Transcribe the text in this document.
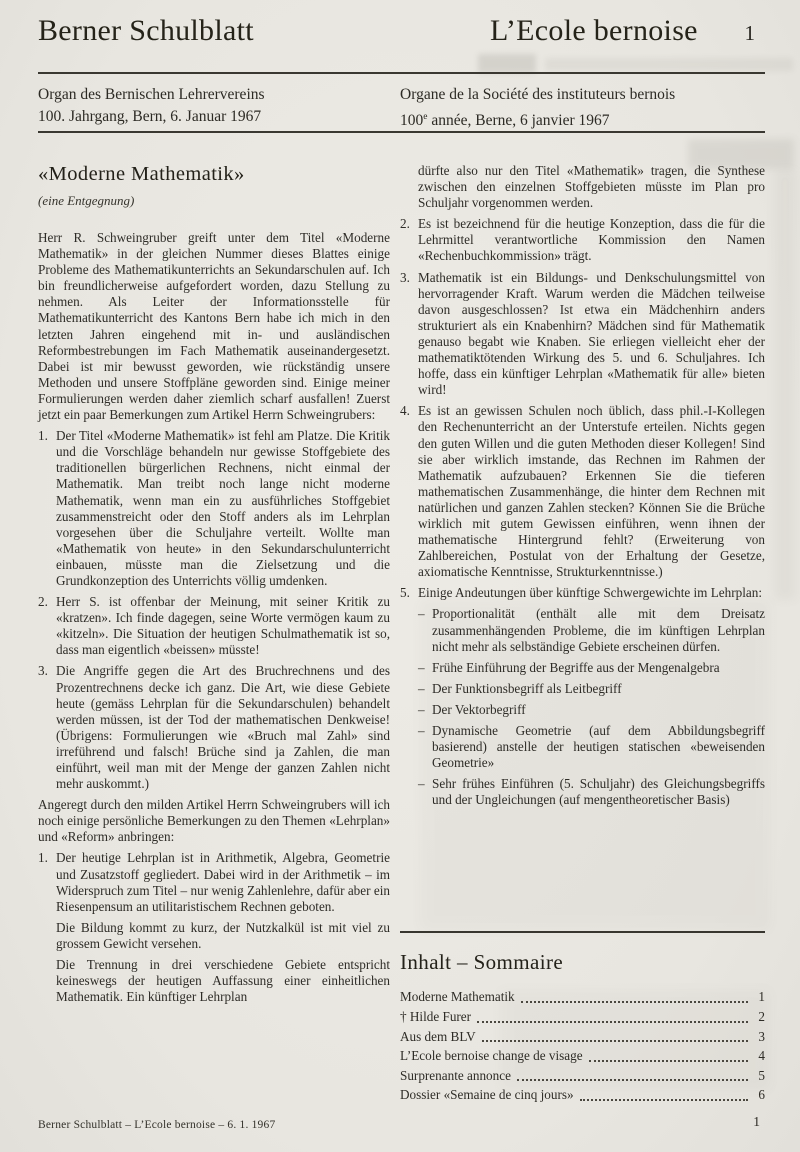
Berner Schulblatt	L’Ecole bernoise 1
Organ des Bernischen Lehrervereins
100. Jahrgang, Bern, 6. Januar 1967
Organe de la Société des instituteurs bernois
100e année, Berne, 6 janvier 1967
«Moderne Mathematik»
(eine Entgegnung)

Herr R. Schweingruber greift unter dem Titel «Moderne Mathematik» in der gleichen Nummer dieses Blattes einige Probleme des Mathematikunterrichts an Sekundarschulen auf. Ich bin freundlicherweise aufgefordert worden, dazu Stellung zu nehmen. Als Leiter der Informationsstelle für Mathematikunterricht des Kantons Bern habe ich mich in den letzten Jahren eingehend mit in- und ausländischen Reformbestrebungen im Fach Mathematik auseinandergesetzt. Dabei ist mir bewusst geworden, wie rückständig unsere Methoden und unsere Stoffpläne geworden sind. Einige meiner Formulierungen werden daher ziemlich scharf ausfallen! Zuerst jetzt ein paar Bemerkungen zum Artikel Herrn Schweingrubers:

1. Der Titel «Moderne Mathematik» ist fehl am Platze. Die Kritik und die Vorschläge behandeln nur gewisse Stoffgebiete des traditionellen bürgerlichen Rechnens, nicht einmal der Mathematik. Man treibt noch lange nicht moderne Mathematik, wenn man ein zu ausführliches Stoffgebiet zusammenstreicht oder den Stoff anders als im Lehrplan vorgesehen über die Schuljahre verteilt. Wollte man «Mathematik von heute» in den Sekundarschulunterricht einbauen, müsste man die Zielsetzung und die Grundkonzeption des Unterrichts völlig umdenken.
2. Herr S. ist offenbar der Meinung, mit seiner Kritik zu «kratzen». Ich finde dagegen, seine Worte vermögen kaum zu «kitzeln». Die Situation der heutigen Schulmathematik ist so, dass man eigentlich «beissen» müsste!
3. Die Angriffe gegen die Art des Bruchrechnens und des Prozentrechnens decke ich ganz. Die Art, wie diese Gebiete heute (gemäss Lehrplan für die Sekundarschulen) behandelt werden müssen, ist der Tod der mathematischen Denkweise! (Übrigens: Formulierungen wie «Bruch mal Zahl» sind irreführend und falsch! Brüche sind ja Zahlen, die man einführt, weil man mit der Menge der ganzen Zahlen nicht mehr auskommt.)

Angeregt durch den milden Artikel Herrn Schweingrubers will ich noch einige persönliche Bemerkungen zu den Themen «Lehrplan» und «Reform» anbringen:

1. Der heutige Lehrplan ist in Arithmetik, Algebra, Geometrie und Zusatzstoff gegliedert. Dabei wird in der Arithmetik – im Widerspruch zum Titel – nur wenig Zahlenlehre, dafür aber ein Riesenpensum an utilitaristischem Rechnen geboten.

Die Bildung kommt zu kurz, der Nutzkalkül ist mit viel zu grossem Gewicht versehen.

Die Trennung in drei verschiedene Gebiete entspricht keineswegs der heutigen Auffassung einer einheitlichen Mathematik. Ein künftiger Lehrplan

dürfte also nur den Titel «Mathematik» tragen, die Synthese zwischen den einzelnen Stoffgebieten müsste im Plan pro Schuljahr vorgenommen werden.

2. Es ist bezeichnend für die heutige Konzeption, dass die für die Lehrmittel verantwortliche Kommission den Namen «Rechenbuchkommission» trägt.
3. Mathematik ist ein Bildungs- und Denkschulungsmittel von hervorragender Kraft. Warum werden die Mädchen teilweise davon ausgeschlossen? Ist etwa ein Mädchenhirn anders strukturiert als ein Knabenhirn? Mädchen sind für Mathematik genauso begabt wie Knaben. Sie erliegen vielleicht eher der mathematiktötenden Wirkung des 5. und 6. Schuljahres. Ich hoffe, dass ein künftiger Lehrplan «Mathematik für alle» bieten wird!
4. Es ist an gewissen Schulen noch üblich, dass phil.-I-Kollegen den Rechenunterricht an der Unterstufe erteilen. Nichts gegen den guten Willen und die guten Methoden dieser Kollegen! Sind sie aber wirklich imstande, das Rechnen im Rahmen der Mathematik aufzubauen? Erkennen Sie die tieferen mathematischen Zusammenhänge, die hinter dem Rechnen mit natürlichen und ganzen Zahlen stecken? Können Sie die Brüche wirklich mit gutem Gewissen einführen, wenn ihnen der mathematische Hintergrund fehlt? (Erweiterung von Zahlbereichen, Postulat von der Erhaltung der Gesetze, axiomatische Kenntnisse, Strukturkenntnisse.)
5. Einige Andeutungen über künftige Schwergewichte im Lehrplan:
– Proportionalität (enthält alle mit dem Dreisatz zusammenhängenden Probleme, die im künftigen Lehrplan nicht mehr als selbständige Gebiete erscheinen dürfen.
– Frühe Einführung der Begriffe aus der Mengenalgebra
– Der Funktionsbegriff als Leitbegriff
– Der Vektorbegriff
– Dynamische Geometrie (auf dem Abbildungsbegriff basierend) anstelle der heutigen statischen «beweisenden Geometrie»
– Sehr frühes Einführen (5. Schuljahr) des Gleichungsbegriffs und der Ungleichungen (auf mengentheoretischer Basis)
Inhalt – Sommaire
Moderne Mathematik	1
† Hilde Furer	2
Aus dem BLV	3
L’Ecole bernoise change de visage	4
Surprenante annonce	5
Dossier «Semaine de cinq jours»	6
Berner Schulblatt – L’Ecole bernoise – 6. 1. 1967	1
